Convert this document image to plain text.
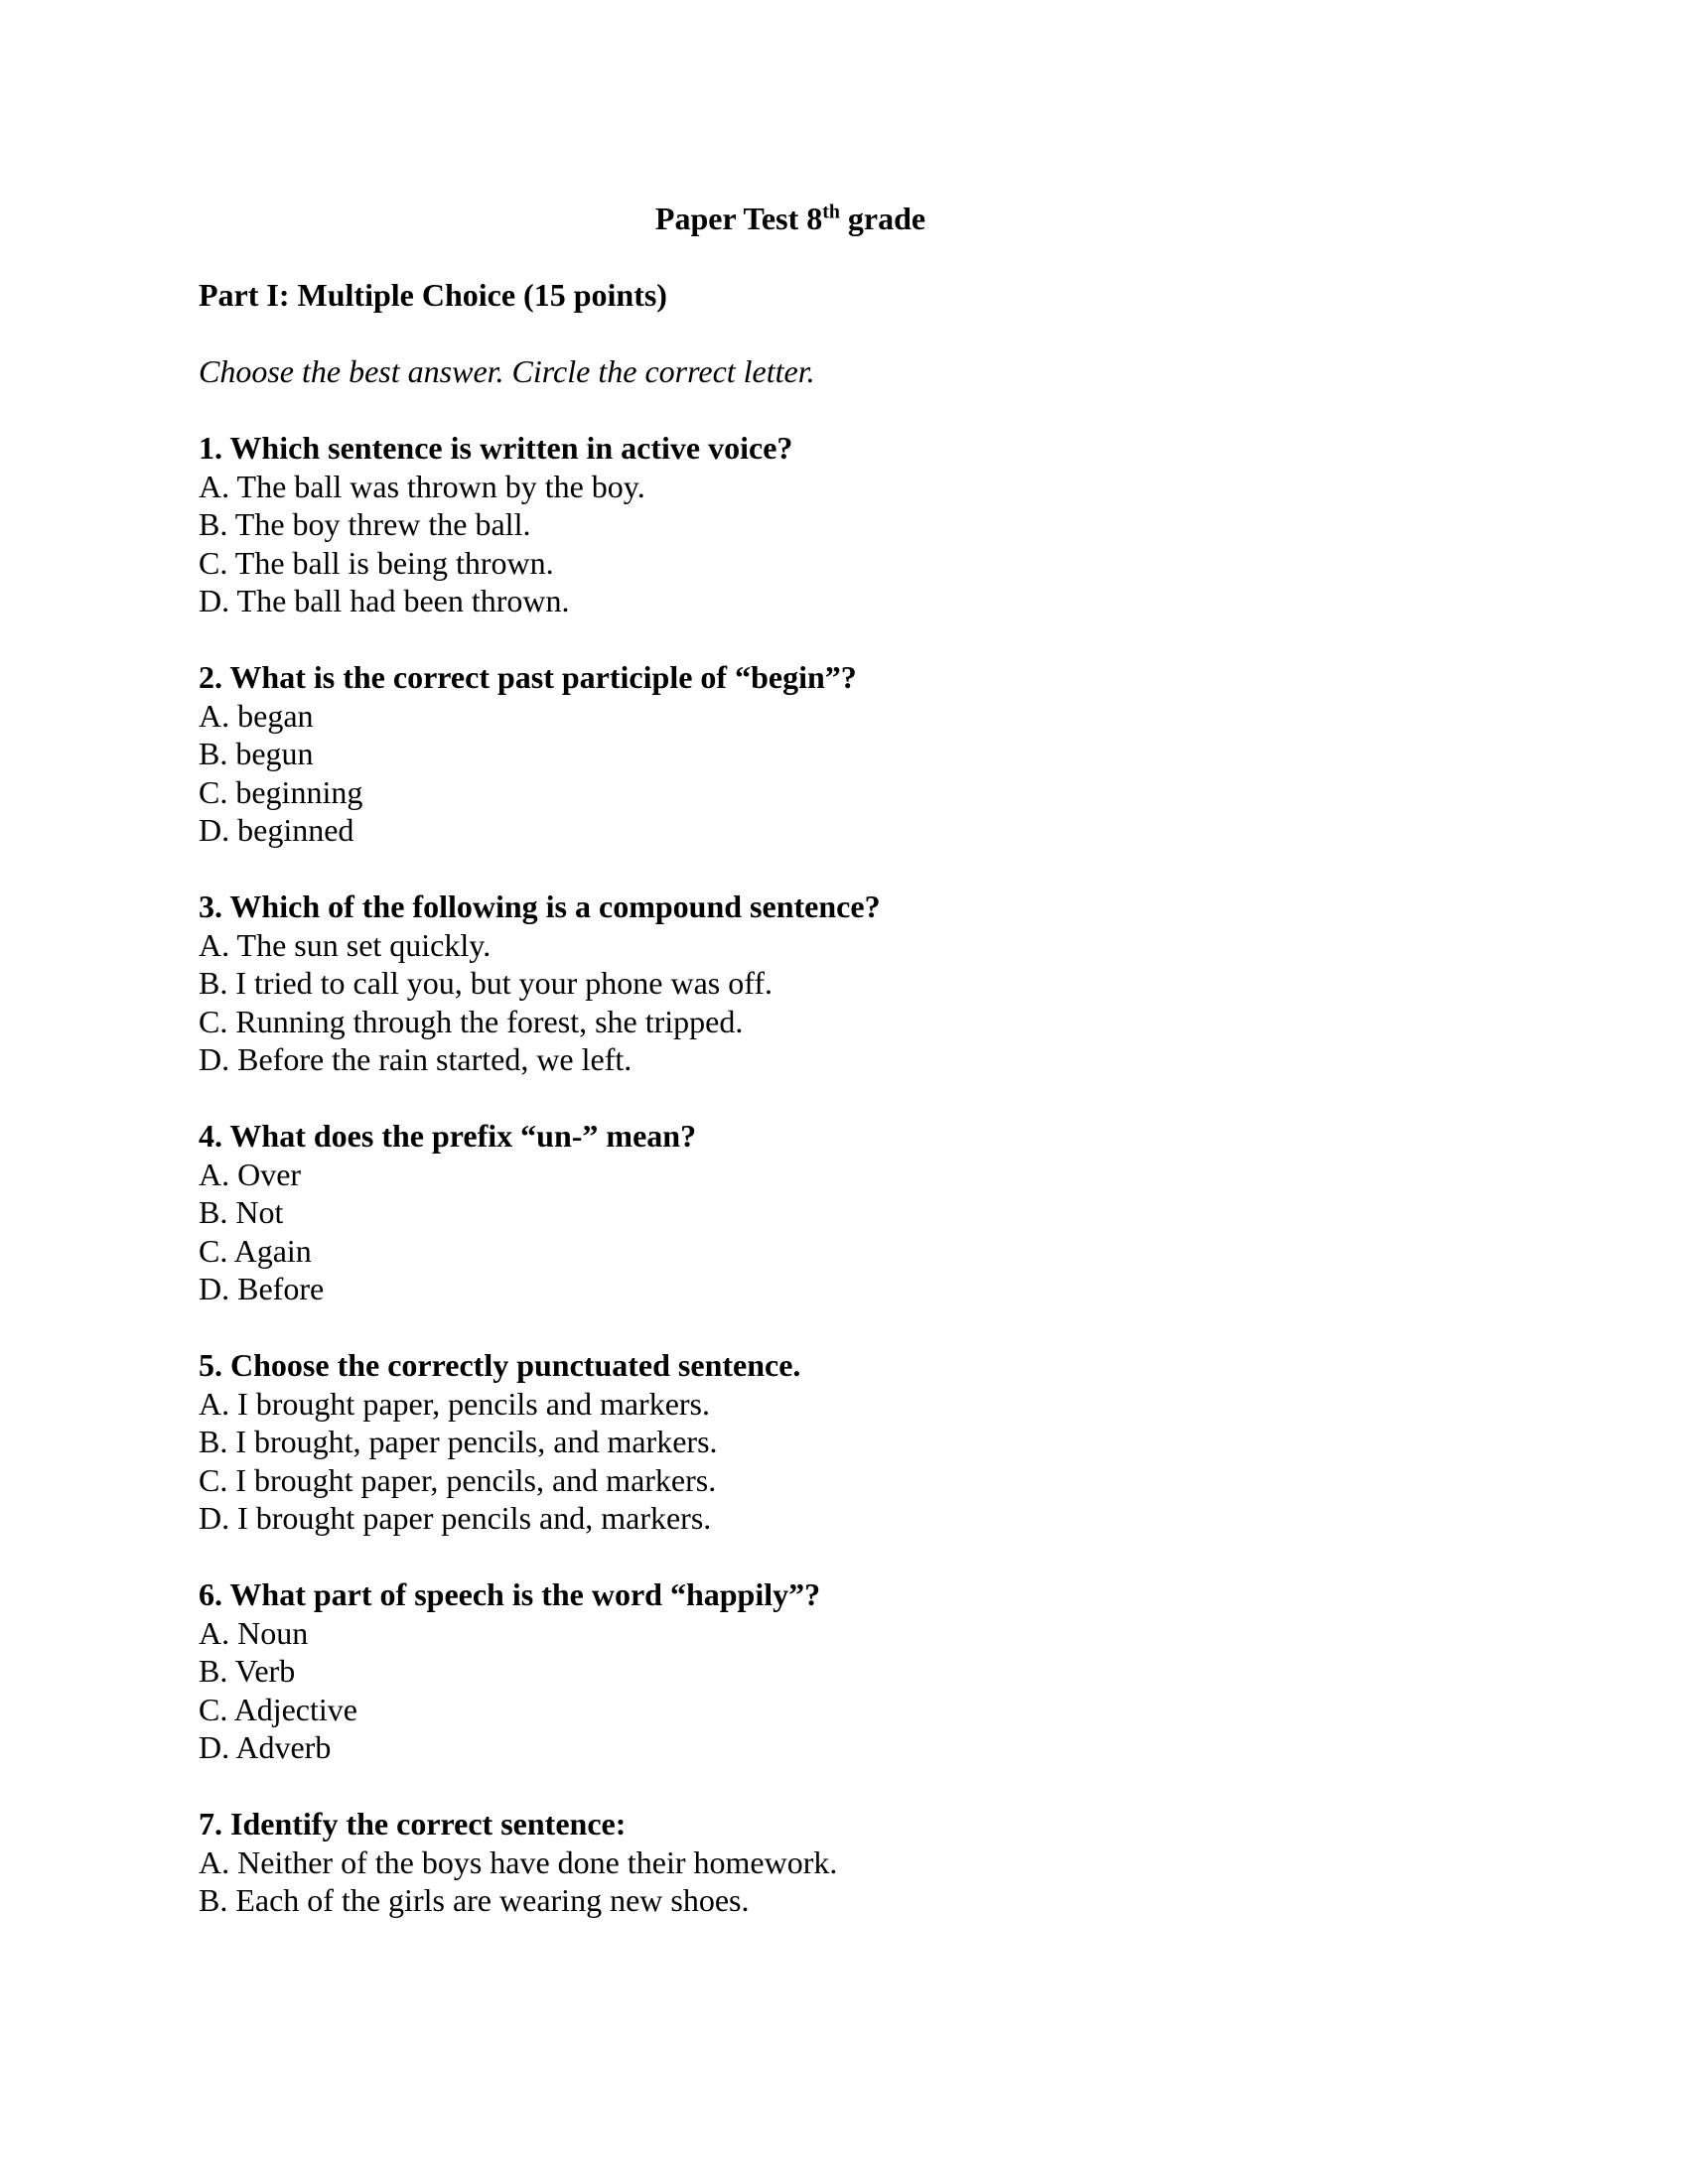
Paper Test 8th grade
Part I: Multiple Choice (15 points)
Choose the best answer. Circle the correct letter.
1. Which sentence is written in active voice?
A. The ball was thrown by the boy.
B. The boy threw the ball.
C. The ball is being thrown.
D. The ball had been thrown.
2. What is the correct past participle of “begin”?
A. began
B. begun
C. beginning
D. beginned
3. Which of the following is a compound sentence?
A. The sun set quickly.
B. I tried to call you, but your phone was off.
C. Running through the forest, she tripped.
D. Before the rain started, we left.
4. What does the prefix “un-” mean?
A. Over
B. Not
C. Again
D. Before
5. Choose the correctly punctuated sentence.
A. I brought paper, pencils and markers.
B. I brought, paper pencils, and markers.
C. I brought paper, pencils, and markers.
D. I brought paper pencils and, markers.
6. What part of speech is the word “happily”?
A. Noun
B. Verb
C. Adjective
D. Adverb
7. Identify the correct sentence:
A. Neither of the boys have done their homework.
B. Each of the girls are wearing new shoes.
